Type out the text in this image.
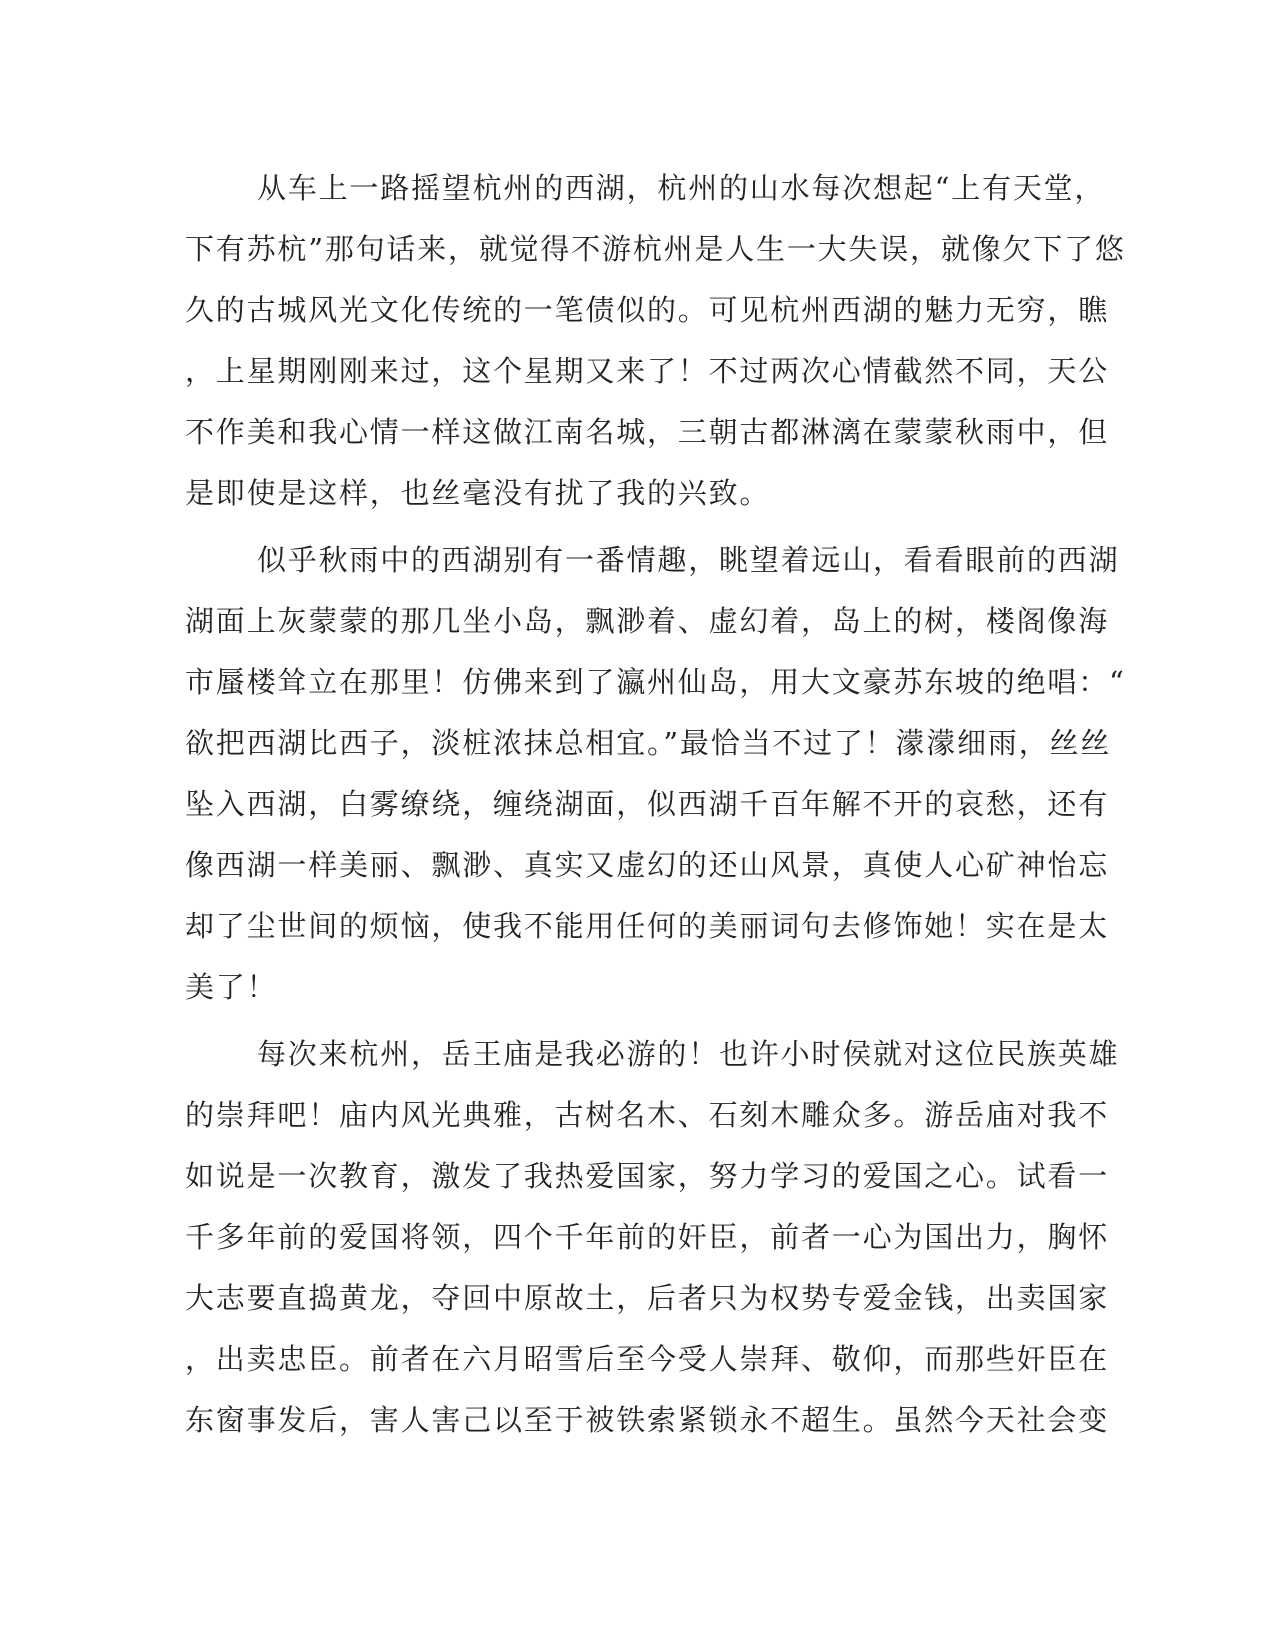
从车上一路摇望杭州的西湖，杭州的山水每次想起“上有天堂，
下有苏杭”那句话来，就觉得不游杭州是人生一大失误，就像欠下了悠
久的古城风光文化传统的一笔债似的。可见杭州西湖的魅力无穷，瞧
，上星期刚刚来过，这个星期又来了！不过两次心情截然不同，天公
不作美和我心情一样这做江南名城，三朝古都淋漓在蒙蒙秋雨中，但
是即使是这样，也丝毫没有扰了我的兴致。
似乎秋雨中的西湖别有一番情趣，眺望着远山，看看眼前的西湖
湖面上灰蒙蒙的那几坐小岛，飘渺着、虚幻着，岛上的树，楼阁像海
市蜃楼耸立在那里！仿佛来到了瀛州仙岛，用大文豪苏东坡的绝唱：“
欲把西湖比西子，淡桩浓抹总相宜。”最恰当不过了！濛濛细雨，丝丝
坠入西湖，白雾缭绕，缠绕湖面，似西湖千百年解不开的哀愁，还有
像西湖一样美丽、飘渺、真实又虚幻的还山风景，真使人心矿神怡忘
却了尘世间的烦恼，使我不能用任何的美丽词句去修饰她！实在是太
美了！
每次来杭州，岳王庙是我必游的！也许小时侯就对这位民族英雄
的崇拜吧！庙内风光典雅，古树名木、石刻木雕众多。游岳庙对我不
如说是一次教育，激发了我热爱国家，努力学习的爱国之心。试看一
千多年前的爱国将领，四个千年前的奸臣，前者一心为国出力，胸怀
大志要直捣黄龙，夺回中原故土，后者只为权势专爱金钱，出卖国家
，出卖忠臣。前者在六月昭雪后至今受人崇拜、敬仰，而那些奸臣在
东窗事发后，害人害己以至于被铁索紧锁永不超生。虽然今天社会变
